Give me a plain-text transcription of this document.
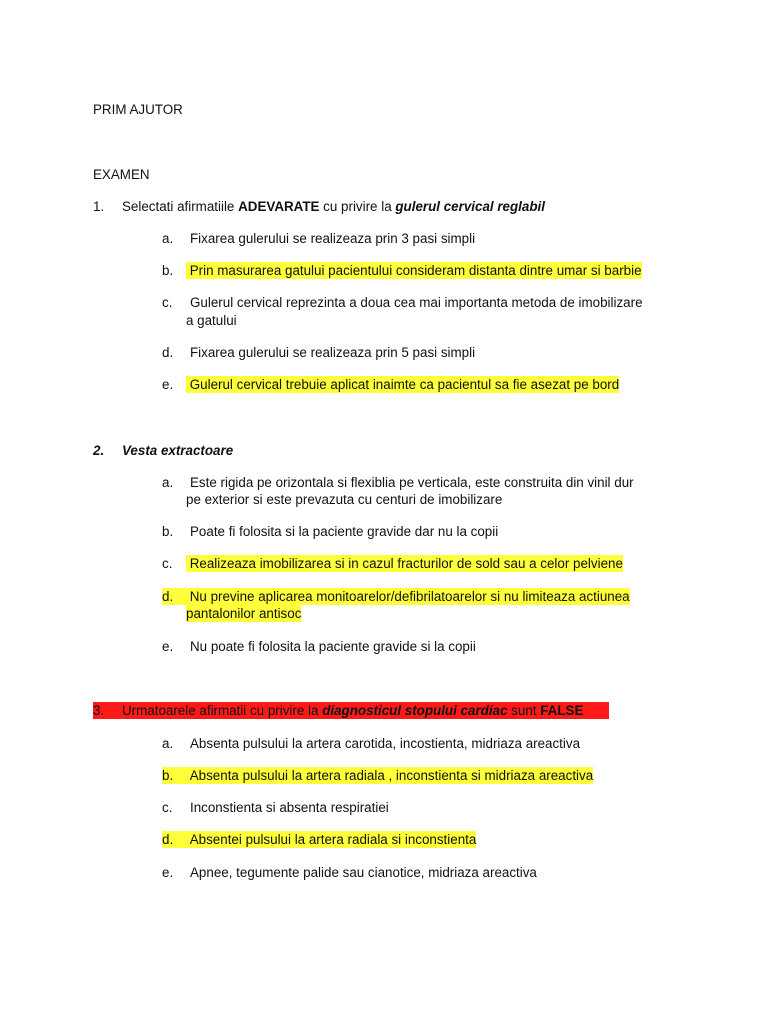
PRIM AJUTOR
EXAMEN
1. Selectati afirmatiile ADEVARATE cu privire la gulerul cervical reglabil
a. Fixarea gulerului se realizeaza prin 3 pasi simpli
b. Prin masurarea gatului pacientului consideram distanta dintre umar si barbie
c. Gulerul cervical reprezinta a doua cea mai importanta metoda de imobilizare
a gatului
d. Fixarea gulerului se realizeaza prin 5 pasi simpli
e. Gulerul cervical trebuie aplicat inaimte ca pacientul sa fie asezat pe bord
2. Vesta extractoare
a. Este rigida pe orizontala si flexiblia pe verticala, este construita din vinil dur
pe exterior si este prevazuta cu centuri de imobilizare
b. Poate fi folosita si la paciente gravide dar nu la copii
c. Realizeaza imobilizarea si in cazul fracturilor de sold sau a celor pelviene
d.	Nu previne aplicarea monitoarelor/defibrilatoarelor si nu limiteaza actiunea
pantalonilor antisoc
e. Nu poate fi folosita la paciente gravide si la copii
3. Urmatoarele afirmatii cu privire la diagnosticul stopului cardiac sunt FALSE
a. Absenta pulsului la artera carotida, incostienta, midriaza areactiva
b.	Absenta pulsului la artera radiala , inconstienta si midriaza areactiva
c. Inconstienta si absenta respiratiei
d.	Absentei pulsului la artera radiala si inconstienta
e. Apnee, tegumente palide sau cianotice, midriaza areactiva
